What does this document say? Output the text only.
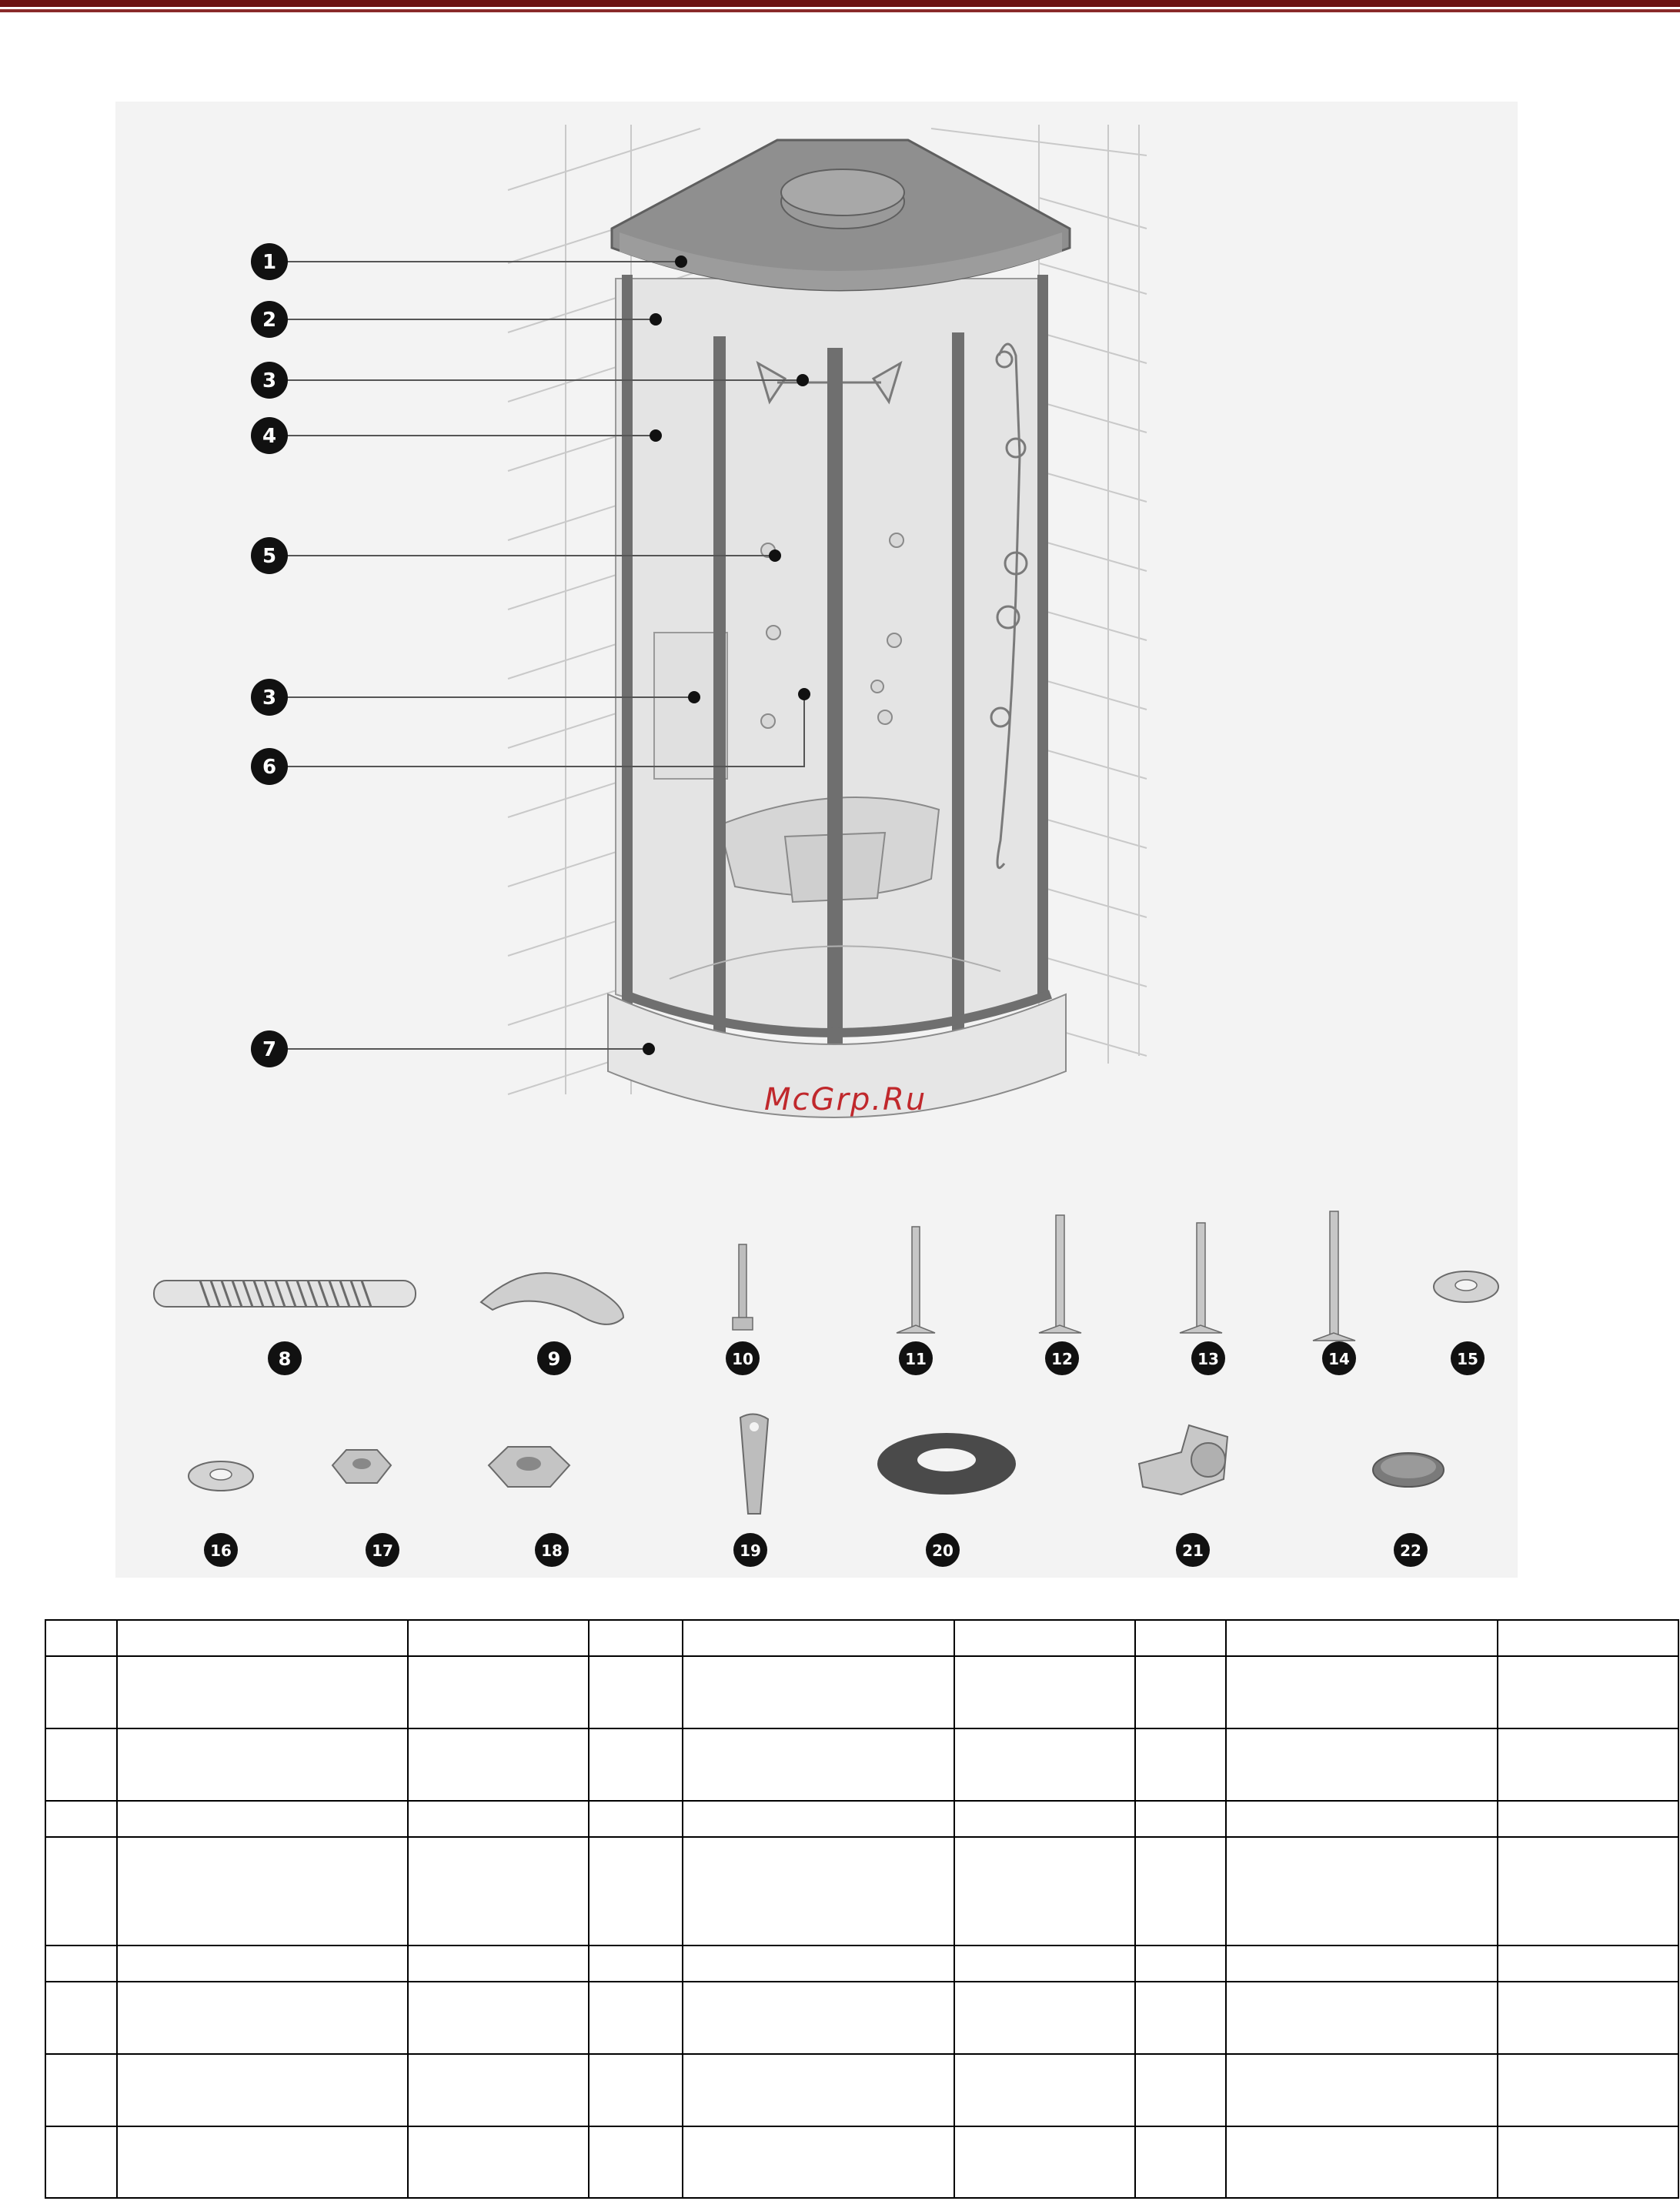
1
2
3
4
5
3
6
7
8	9	10	11	12	13	14	15
16	17	18	19	20	21	22
McGrp.Ru
